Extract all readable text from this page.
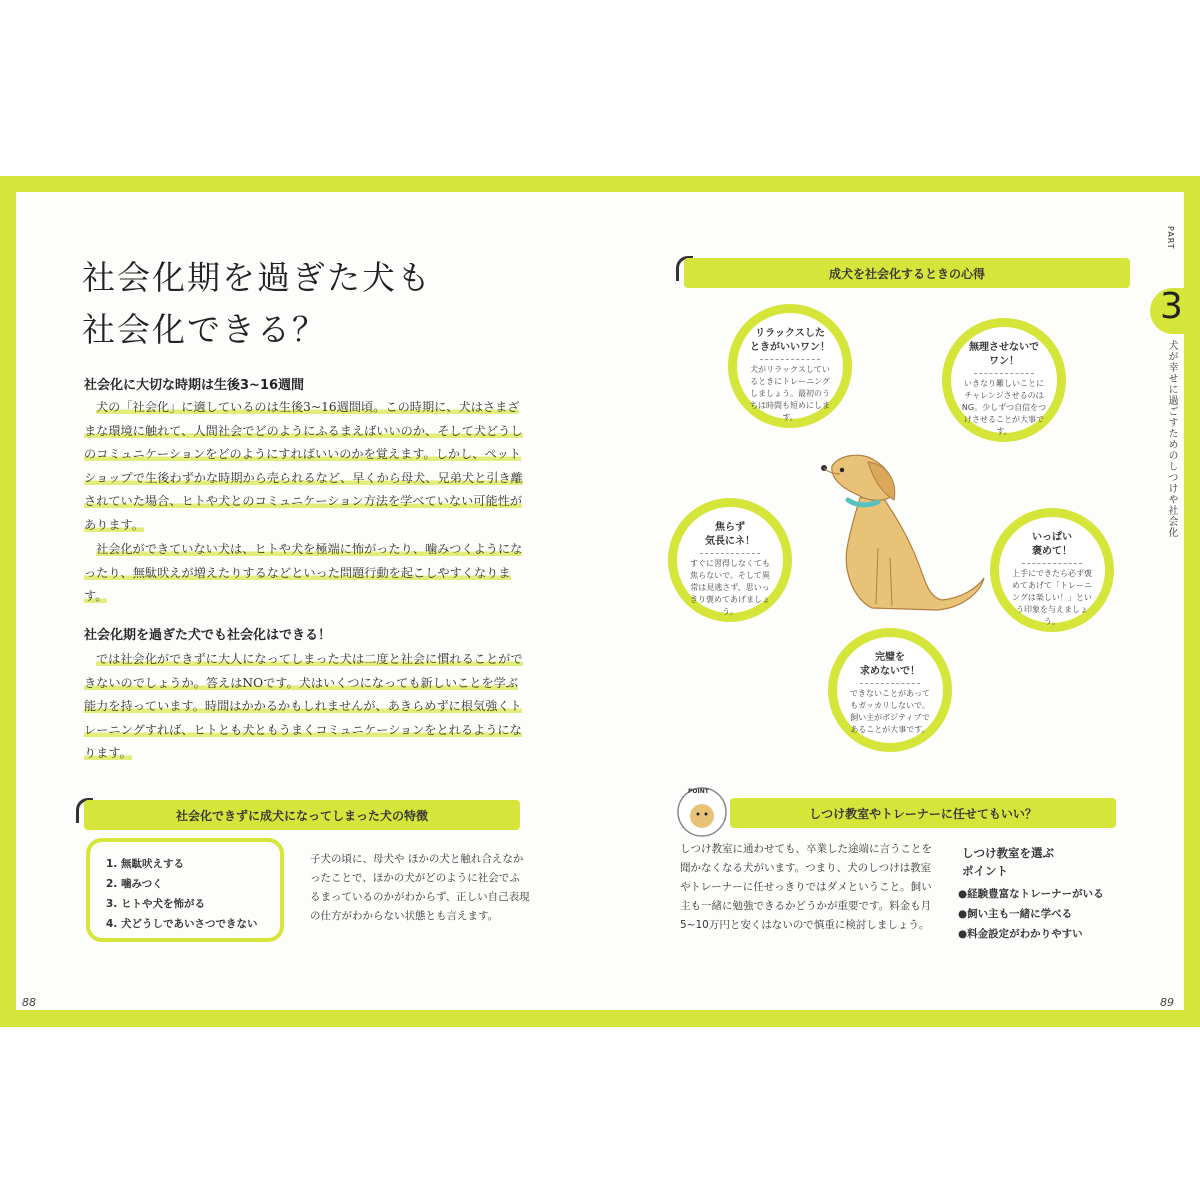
社会化期を過ぎた犬も
社会化できる？
社会化に大切な時期は生後3~16週間

犬の「社会化」に適しているのは生後3~16週間頃。この時期に、犬はさまざまな環境に触れて、人間社会でどのようにふるまえばいいのか、そして犬どうしのコミュニケーションをどのようにすればいいのかを覚えます。しかし、ペットショップで生後わずかな時期から売られるなど、早くから母犬、兄弟犬と引き離されていた場合、ヒトや犬とのコミュニケーション方法を学べていない可能性があります。

社会化ができていない犬は、ヒトや犬を極端に怖がったり、噛みつくようになったり、無駄吠えが増えたりするなどといった問題行動を起こしやすくなります。

社会化期を過ぎた犬でも社会化はできる！

では社会化ができずに大人になってしまった犬は二度と社会に慣れることができないのでしょうか。答えはNOです。犬はいくつになっても新しいことを学ぶ能力を持っています。時間はかかるかもしれませんが、あきらめずに根気強くトレーニングすれば、ヒトとも犬ともうまくコミュニケーションをとれるようになります。

社会化できずに成犬になってしまった犬の特徴
1. 無駄吠えする
2. 噛みつく
3. ヒトや犬を怖がる
4. 犬どうしであいさつできない
子犬の頃に、母犬や ほかの犬と触れ合えなかったことで、ほかの犬がどのように社会でふるまっているのかがわからず、正しい自己表現の仕方がわからない状態とも言えます。
88
成犬を社会化するときの心得
リラックスした
ときがいいワン！
犬がリラックスしているときにトレーニングしましょう。最初のうちは時間も短めにします。
無理させないで
ワン！
いきなり難しいことにチャレンジさせるのはNG。少しずつ自信をつけさせることが大事です。
焦らず
気長にネ！
すぐに習得しなくても焦らないで。そして異常は見逃さず、思いっきり褒めてあげましょう。
いっぱい
褒めて！
上手にできたら必ず褒めてあげて「トレーニングは楽しい！」という印象を与えましょう。
完璧を
求めないで！
できないことがあってもガッカリしないで。飼い主がポジティブであることが大事です。
POINT
しつけ教室やトレーナーに任せてもいい？
しつけ教室に通わせても、卒業した途端に言うことを聞かなくなる犬がいます。つまり、犬のしつけは教室やトレーナーに任せっきりではダメということ。飼い主も一緒に勉強できるかどうかが重要です。料金も月5~10万円と安くはないので慎重に検討しましょう。
しつけ教室を選ぶ
ポイント
●経験豊富なトレーナーがいる
●飼い主も一緒に学べる
●料金設定がわかりやすい
PART
3
犬が幸せに過ごすためのしつけや社会化
89
